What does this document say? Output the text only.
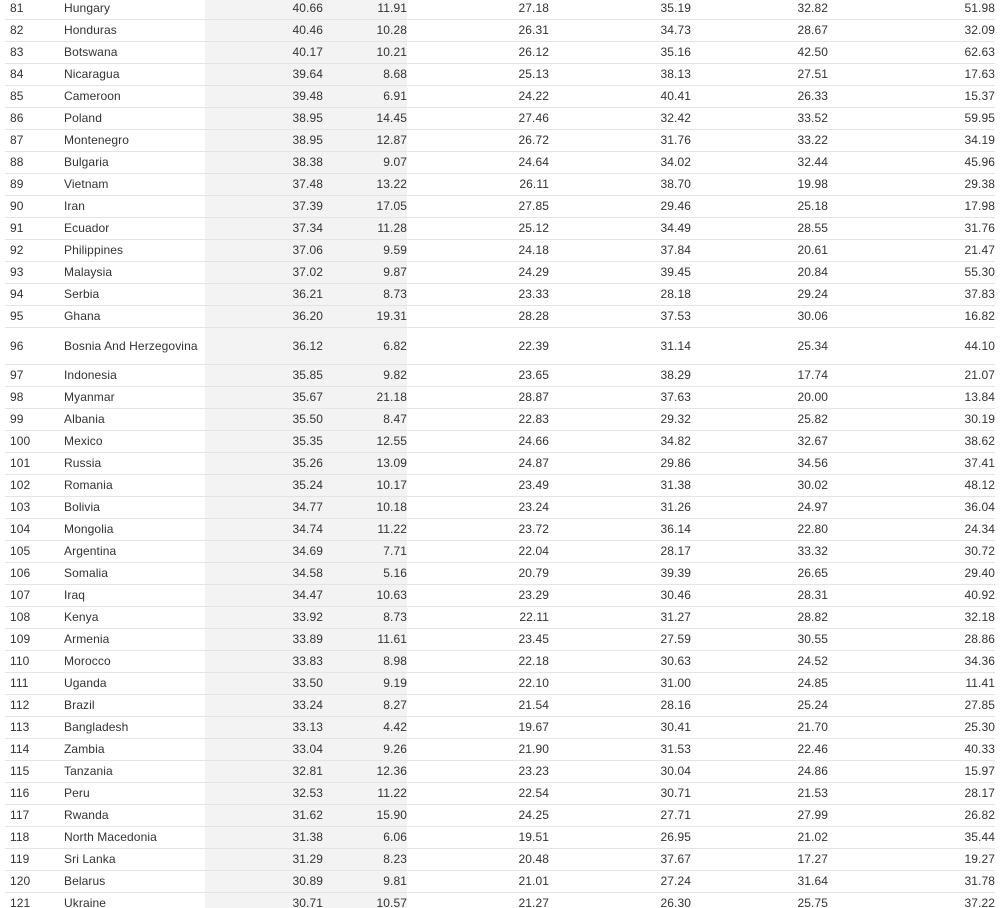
81	Hungary	40.66	11.91	27.18	35.19	32.82	51.98
82	Honduras	40.46	10.28	26.31	34.73	28.67	32.09
83	Botswana	40.17	10.21	26.12	35.16	42.50	62.63
84	Nicaragua	39.64	8.68	25.13	38.13	27.51	17.63
85	Cameroon	39.48	6.91	24.22	40.41	26.33	15.37
86	Poland	38.95	14.45	27.46	32.42	33.52	59.95
87	Montenegro	38.95	12.87	26.72	31.76	33.22	34.19
88	Bulgaria	38.38	9.07	24.64	34.02	32.44	45.96
89	Vietnam	37.48	13.22	26.11	38.70	19.98	29.38
90	Iran	37.39	17.05	27.85	29.46	25.18	17.98
91	Ecuador	37.34	11.28	25.12	34.49	28.55	31.76
92	Philippines	37.06	9.59	24.18	37.84	20.61	21.47
93	Malaysia	37.02	9.87	24.29	39.45	20.84	55.30
94	Serbia	36.21	8.73	23.33	28.18	29.24	37.83
95	Ghana	36.20	19.31	28.28	37.53	30.06	16.82
96	Bosnia And Herzegovina	36.12	6.82	22.39	31.14	25.34	44.10
97	Indonesia	35.85	9.82	23.65	38.29	17.74	21.07
98	Myanmar	35.67	21.18	28.87	37.63	20.00	13.84
99	Albania	35.50	8.47	22.83	29.32	25.82	30.19
100	Mexico	35.35	12.55	24.66	34.82	32.67	38.62
101	Russia	35.26	13.09	24.87	29.86	34.56	37.41
102	Romania	35.24	10.17	23.49	31.38	30.02	48.12
103	Bolivia	34.77	10.18	23.24	31.26	24.97	36.04
104	Mongolia	34.74	11.22	23.72	36.14	22.80	24.34
105	Argentina	34.69	7.71	22.04	28.17	33.32	30.72
106	Somalia	34.58	5.16	20.79	39.39	26.65	29.40
107	Iraq	34.47	10.63	23.29	30.46	28.31	40.92
108	Kenya	33.92	8.73	22.11	31.27	28.82	32.18
109	Armenia	33.89	11.61	23.45	27.59	30.55	28.86
110	Morocco	33.83	8.98	22.18	30.63	24.52	34.36
111	Uganda	33.50	9.19	22.10	31.00	24.85	11.41
112	Brazil	33.24	8.27	21.54	28.16	25.24	27.85
113	Bangladesh	33.13	4.42	19.67	30.41	21.70	25.30
114	Zambia	33.04	9.26	21.90	31.53	22.46	40.33
115	Tanzania	32.81	12.36	23.23	30.04	24.86	15.97
116	Peru	32.53	11.22	22.54	30.71	21.53	28.17
117	Rwanda	31.62	15.90	24.25	27.71	27.99	26.82
118	North Macedonia	31.38	6.06	19.51	26.95	21.02	35.44
119	Sri Lanka	31.29	8.23	20.48	37.67	17.27	19.27
120	Belarus	30.89	9.81	21.01	27.24	31.64	31.78
121	Ukraine	30.71	10.57	21.27	26.30	25.75	37.22
